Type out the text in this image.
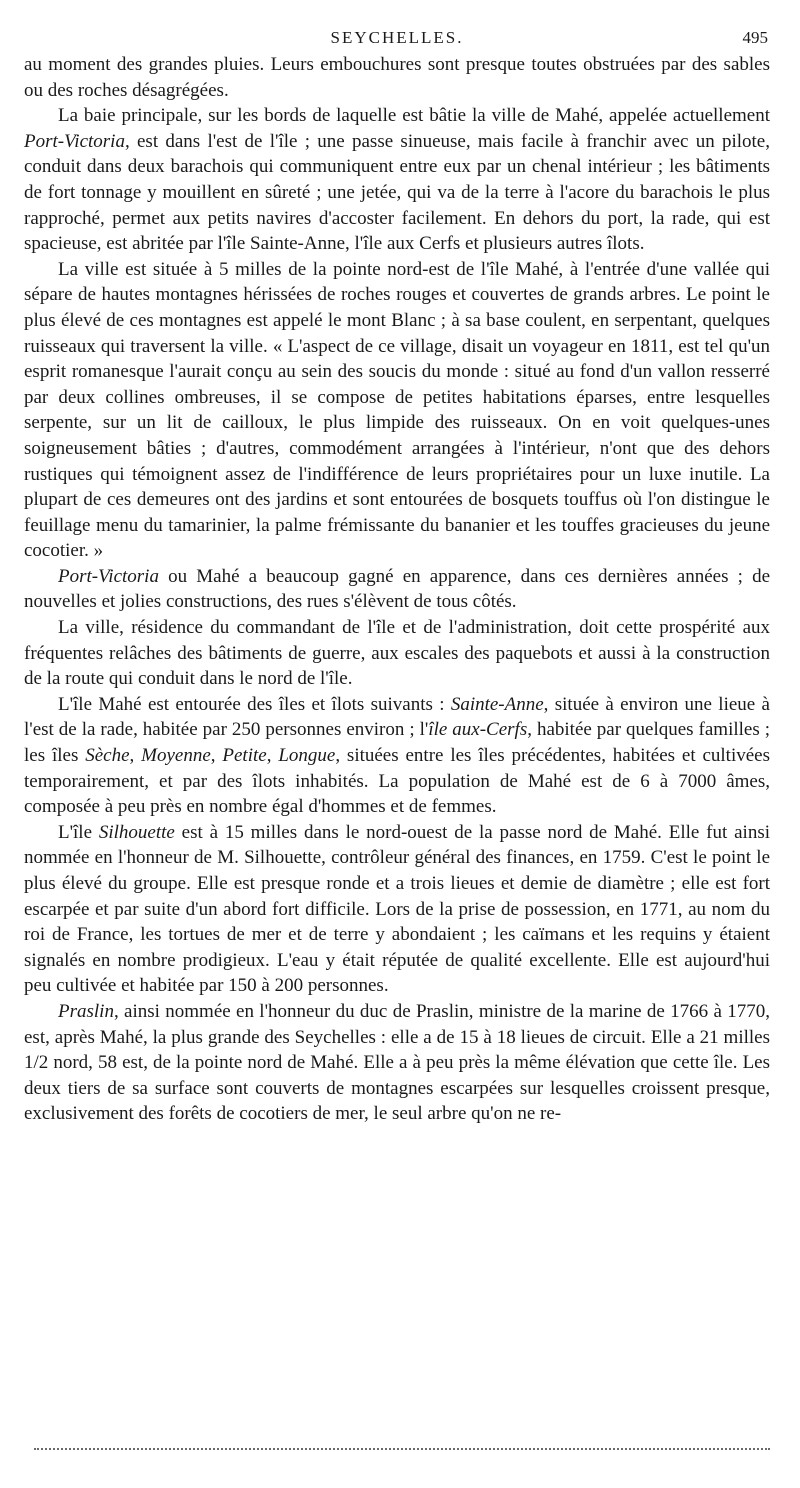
SEYCHELLES.	495

au moment des grandes pluies. Leurs embouchures sont presque toutes obstruées par des sables ou des roches désagrégées.

La baie principale, sur les bords de laquelle est bâtie la ville de Mahé, appelée actuellement Port-Victoria, est dans l'est de l'île ; une passe sinueuse, mais facile à franchir avec un pilote, conduit dans deux barachois qui communiquent entre eux par un chenal intérieur ; les bâtiments de fort tonnage y mouillent en sûreté ; une jetée, qui va de la terre à l'acore du barachois le plus rapproché, permet aux petits navires d'accoster facilement. En dehors du port, la rade, qui est spacieuse, est abritée par l'île Sainte-Anne, l'île aux Cerfs et plusieurs autres îlots.

La ville est située à 5 milles de la pointe nord-est de l'île Mahé, à l'entrée d'une vallée qui sépare de hautes montagnes hérissées de roches rouges et couvertes de grands arbres. Le point le plus élevé de ces montagnes est appelé le mont Blanc ; à sa base coulent, en serpentant, quelques ruisseaux qui traversent la ville. « L'aspect de ce village, disait un voyageur en 1811, est tel qu'un esprit romanesque l'aurait conçu au sein des soucis du monde : situé au fond d'un vallon resserré par deux collines ombreuses, il se compose de petites habitations éparses, entre lesquelles serpente, sur un lit de cailloux, le plus limpide des ruisseaux. On en voit quelques-unes soigneusement bâties ; d'autres, commodément arrangées à l'intérieur, n'ont que des dehors rustiques qui témoignent assez de l'indifférence de leurs propriétaires pour un luxe inutile. La plupart de ces demeures ont des jardins et sont entourées de bosquets touffus où l'on distingue le feuillage menu du tamarinier, la palme frémissante du bananier et les touffes gracieuses du jeune cocotier. »

Port-Victoria ou Mahé a beaucoup gagné en apparence, dans ces dernières années ; de nouvelles et jolies constructions, des rues s'élèvent de tous côtés.

La ville, résidence du commandant de l'île et de l'administration, doit cette prospérité aux fréquentes relâches des bâtiments de guerre, aux escales des paquebots et aussi à la construction de la route qui conduit dans le nord de l'île.

L'île Mahé est entourée des îles et îlots suivants : Sainte-Anne, située à environ une lieue à l'est de la rade, habitée par 250 personnes environ ; l'île aux-Cerfs, habitée par quelques familles ; les îles Sèche, Moyenne, Petite, Longue, situées entre les îles précédentes, habitées et cultivées temporairement, et par des îlots inhabités. La population de Mahé est de 6 à 7000 âmes, composée à peu près en nombre égal d'hommes et de femmes.

L'île Silhouette est à 15 milles dans le nord-ouest de la passe nord de Mahé. Elle fut ainsi nommée en l'honneur de M. Silhouette, contrôleur général des finances, en 1759. C'est le point le plus élevé du groupe. Elle est presque ronde et a trois lieues et demie de diamètre ; elle est fort escarpée et par suite d'un abord fort difficile. Lors de la prise de possession, en 1771, au nom du roi de France, les tortues de mer et de terre y abondaient ; les caïmans et les requins y étaient signalés en nombre prodigieux. L'eau y était réputée de qualité excellente. Elle est aujourd'hui peu cultivée et habitée par 150 à 200 personnes.

Praslin, ainsi nommée en l'honneur du duc de Praslin, ministre de la marine de 1766 à 1770, est, après Mahé, la plus grande des Seychelles : elle a de 15 à 18 lieues de circuit. Elle a 21 milles 1/2 nord, 58 est, de la pointe nord de Mahé. Elle a à peu près la même élévation que cette île. Les deux tiers de sa surface sont couverts de montagnes escarpées sur lesquelles croissent presque, exclusivement des forêts de cocotiers de mer, le seul arbre qu'on ne re-
